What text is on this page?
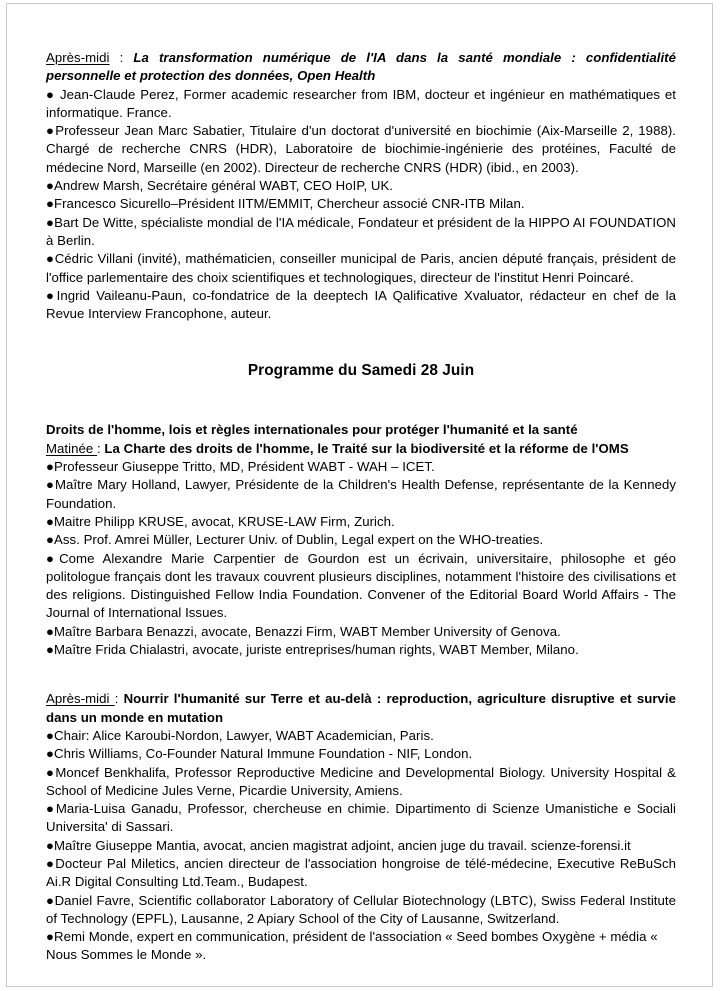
Après-midi : La transformation numérique de l'IA dans la santé mondiale : confidentialité personnelle et protection des données, Open Health

● Jean-Claude Perez, Former academic researcher from IBM, docteur et ingénieur en mathématiques et informatique. France.

●Professeur Jean Marc Sabatier, Titulaire d'un doctorat d'université en biochimie (Aix-Marseille 2, 1988). Chargé de recherche CNRS (HDR), Laboratoire de biochimie-ingénierie des protéines, Faculté de médecine Nord, Marseille (en 2002). Directeur de recherche CNRS (HDR) (ibid., en 2003).

●Andrew Marsh, Secrétaire général WABT, CEO HoIP, UK.

●Francesco Sicurello–Président IITM/EMMIT, Chercheur associé CNR-ITB Milan.

●Bart De Witte, spécialiste mondial de l'IA médicale, Fondateur et président de la HIPPO AI FOUNDATION à Berlin.

●Cédric Villani (invité), mathématicien, conseiller municipal de Paris, ancien député français, président de l'office parlementaire des choix scientifiques et technologiques, directeur de l'institut Henri Poincaré.

●Ingrid Vaileanu-Paun, co-fondatrice de la deeptech IA Qalificative Xvaluator, rédacteur en chef de la Revue Interview Francophone, auteur.

Programme du Samedi 28 Juin

Droits de l'homme, lois et règles internationales pour protéger l'humanité et la santé

Matinée : La Charte des droits de l'homme, le Traité sur la biodiversité et la réforme de l'OMS

●Professeur Giuseppe Tritto, MD, Président WABT - WAH – ICET.

●Maître Mary Holland, Lawyer, Présidente de la Children's Health Defense, représentante de la Kennedy Foundation.

●Maitre Philipp KRUSE, avocat, KRUSE-LAW Firm, Zurich.

●Ass. Prof. Amrei Müller, Lecturer Univ. of Dublin, Legal expert on the WHO-treaties.

●Come Alexandre Marie Carpentier de Gourdon est un écrivain, universitaire, philosophe et géo politologue français dont les travaux couvrent plusieurs disciplines, notamment l'histoire des civilisations et des religions. Distinguished Fellow India Foundation. Convener of the Editorial Board World Affairs - The Journal of International Issues.

●Maître Barbara Benazzi, avocate, Benazzi Firm, WABT Member University of Genova.

●Maître Frida Chialastri, avocate, juriste entreprises/human rights, WABT Member, Milano.

Après-midi : Nourrir l'humanité sur Terre et au-delà : reproduction, agriculture disruptive et survie dans un monde en mutation

●Chair: Alice Karoubi-Nordon, Lawyer, WABT Academician, Paris.

●Chris Williams, Co-Founder Natural Immune Foundation - NIF, London.

●Moncef Benkhalifa, Professor Reproductive Medicine and Developmental Biology. University Hospital & School of Medicine Jules Verne, Picardie University, Amiens.

●Maria-Luisa Ganadu, Professor, chercheuse en chimie. Dipartimento di Scienze Umanistiche e Sociali Universita' di Sassari.

●Maître Giuseppe Mantia, avocat, ancien magistrat adjoint, ancien juge du travail. scienze-forensi.it

●Docteur Pal Miletics, ancien directeur de l'association hongroise de télé-médecine, Executive ReBuSch Ai.R Digital Consulting Ltd.Team., Budapest.

●Daniel Favre, Scientific collaborator Laboratory of Cellular Biotechnology (LBTC), Swiss Federal Institute of Technology (EPFL), Lausanne, 2 Apiary School of the City of Lausanne, Switzerland.

●Remi Monde, expert en communication, président de l'association « Seed bombes Oxygène + média « Nous Sommes le Monde ».
